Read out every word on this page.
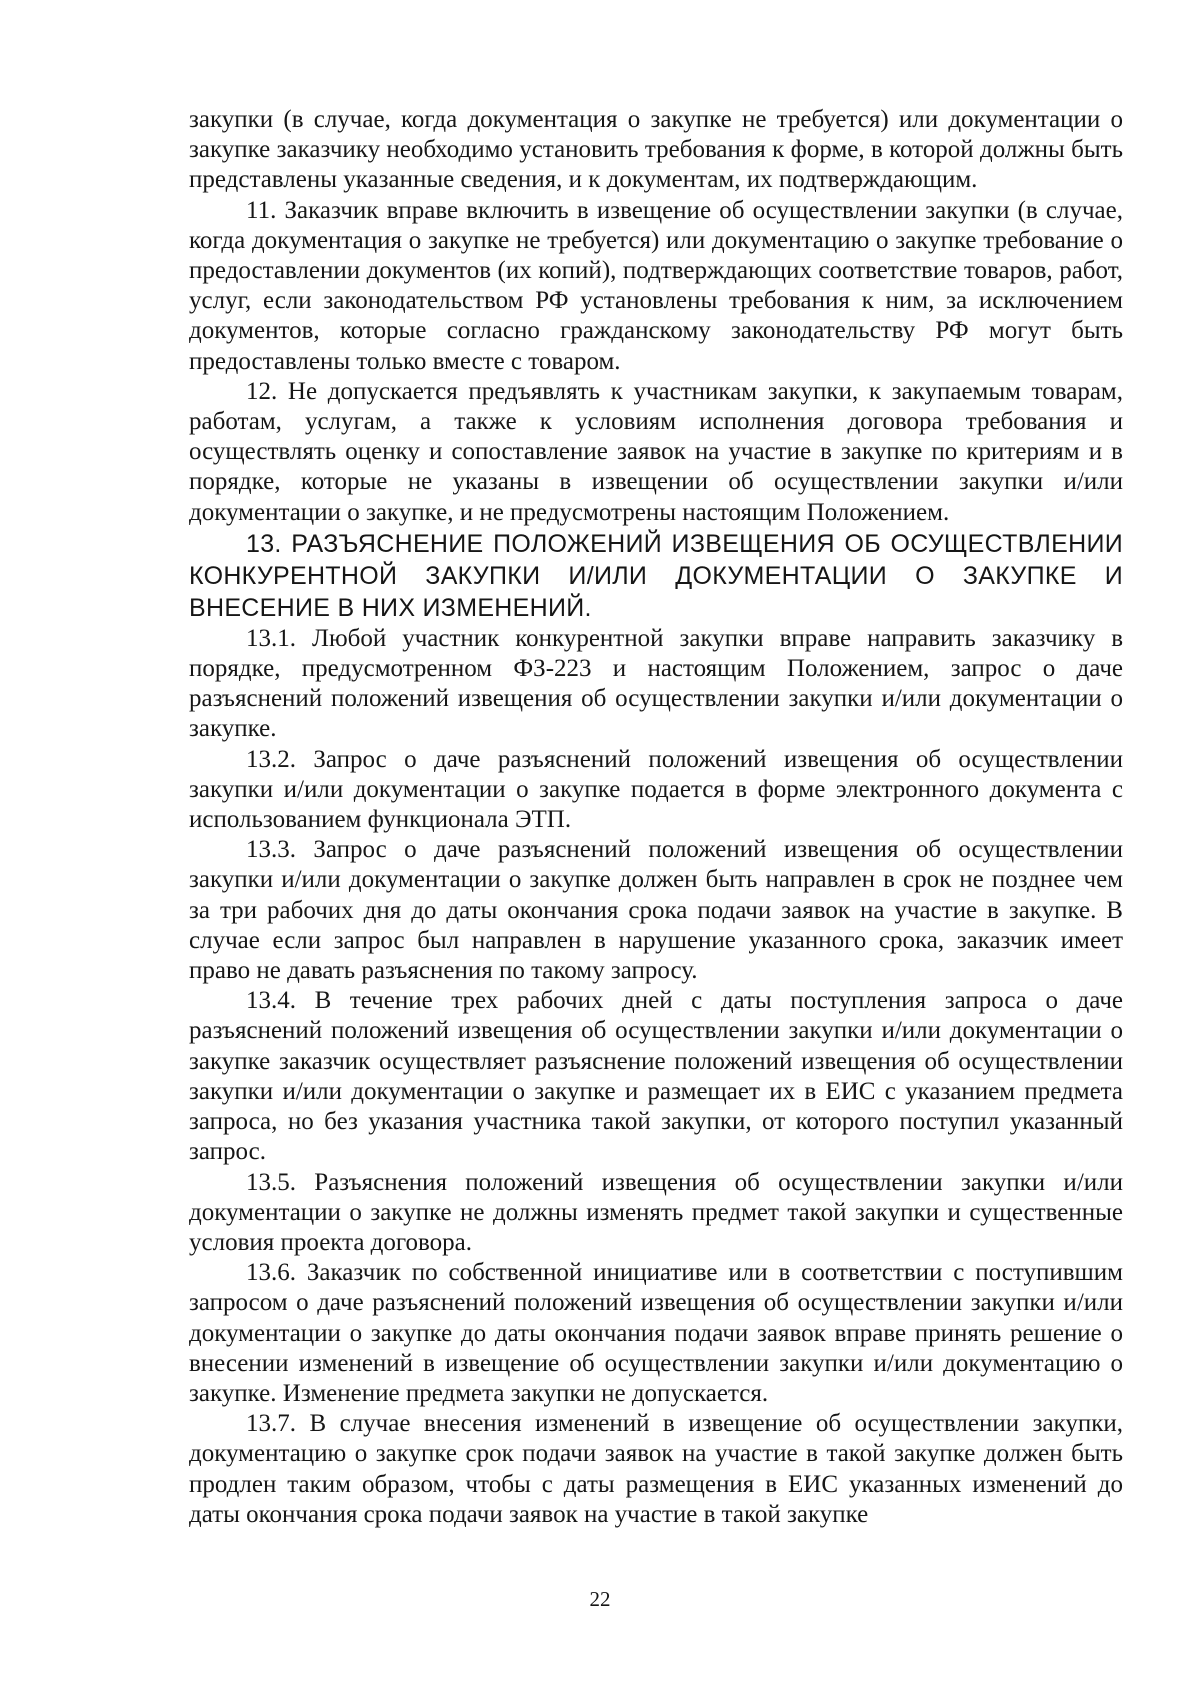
закупки (в случае, когда документация о закупке не требуется) или документации о закупке заказчику необходимо установить требования к форме, в которой должны быть представлены указанные сведения, и к документам, их подтверждающим.

11. Заказчик вправе включить в извещение об осуществлении закупки (в случае, когда документация о закупке не требуется) или документацию о закупке требование о предоставлении документов (их копий), подтверждающих соответствие товаров, работ, услуг, если законодательством РФ установлены требования к ним, за исключением документов, которые согласно гражданскому законодательству РФ могут быть предоставлены только вместе с товаром.

12. Не допускается предъявлять к участникам закупки, к закупаемым товарам, работам, услугам, а также к условиям исполнения договора требования и осуществлять оценку и сопоставление заявок на участие в закупке по критериям и в порядке, которые не указаны в извещении об осуществлении закупки и/или документации о закупке, и не предусмотрены настоящим Положением.

13. РАЗЪЯСНЕНИЕ ПОЛОЖЕНИЙ ИЗВЕЩЕНИЯ ОБ ОСУЩЕСТВЛЕНИИ КОНКУРЕНТНОЙ ЗАКУПКИ И/ИЛИ ДОКУМЕНТАЦИИ О ЗАКУПКЕ И ВНЕСЕНИЕ В НИХ ИЗМЕНЕНИЙ.

13.1. Любой участник конкурентной закупки вправе направить заказчику в порядке, предусмотренном ФЗ-223 и настоящим Положением, запрос о даче разъяснений положений извещения об осуществлении закупки и/или документации о закупке.

13.2. Запрос о даче разъяснений положений извещения об осуществлении закупки и/или документации о закупке подается в форме электронного документа с использованием функционала ЭТП.

13.3. Запрос о даче разъяснений положений извещения об осуществлении закупки и/или документации о закупке должен быть направлен в срок не позднее чем за три рабочих дня до даты окончания срока подачи заявок на участие в закупке. В случае если запрос был направлен в нарушение указанного срока, заказчик имеет право не давать разъяснения по такому запросу.

13.4. В течение трех рабочих дней с даты поступления запроса о даче разъяснений положений извещения об осуществлении закупки и/или документации о закупке заказчик осуществляет разъяснение положений извещения об осуществлении закупки и/или документации о закупке и размещает их в ЕИС с указанием предмета запроса, но без указания участника такой закупки, от которого поступил указанный запрос.

13.5. Разъяснения положений извещения об осуществлении закупки и/или документации о закупке не должны изменять предмет такой закупки и существенные условия проекта договора.

13.6. Заказчик по собственной инициативе или в соответствии с поступившим запросом о даче разъяснений положений извещения об осуществлении закупки и/или документации о закупке до даты окончания подачи заявок вправе принять решение о внесении изменений в извещение об осуществлении закупки и/или документацию о закупке. Изменение предмета закупки не допускается.

13.7. В случае внесения изменений в извещение об осуществлении закупки, документацию о закупке срок подачи заявок на участие в такой закупке должен быть продлен таким образом, чтобы с даты размещения в ЕИС указанных изменений до даты окончания срока подачи заявок на участие в такой закупке

22
